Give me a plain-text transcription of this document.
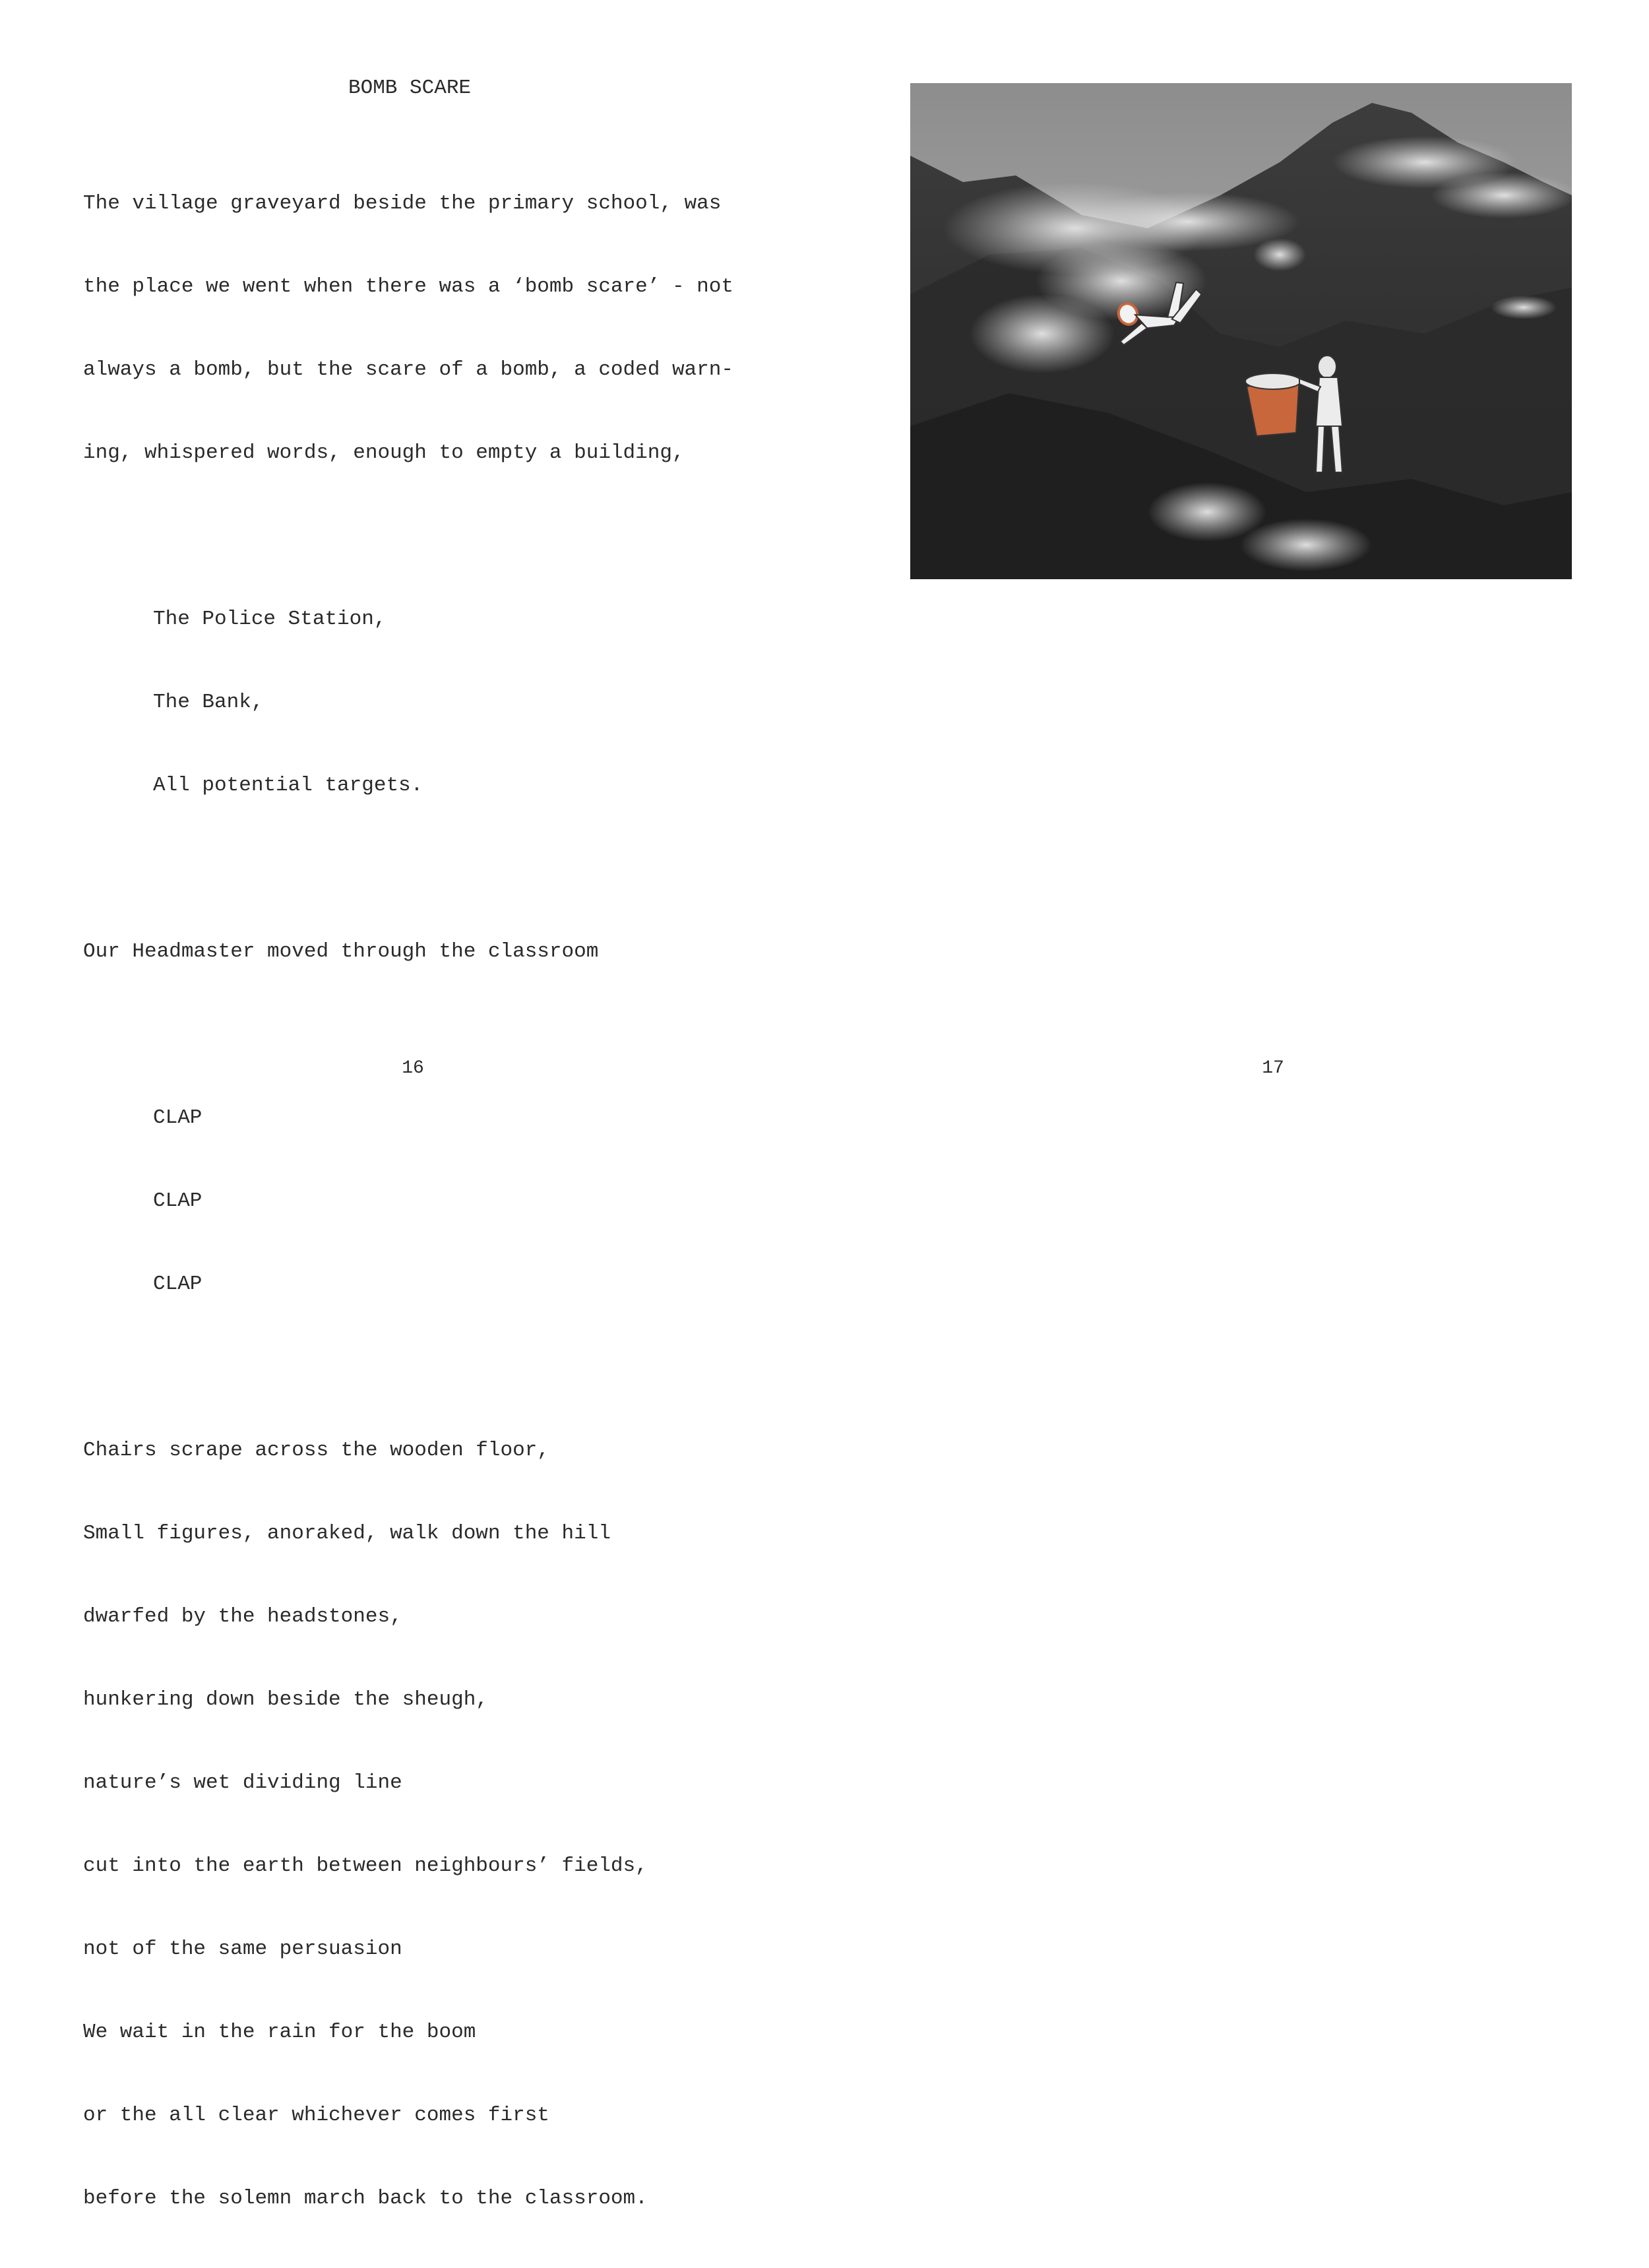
BOMB SCARE

The village graveyard beside the primary school, was

the place we went when there was a ‘bomb scare’ - not

always a bomb, but the scare of a bomb, a coded warn-

ing, whispered words, enough to empty a building,

The Police Station,

The Bank,

All potential targets.

Our Headmaster moved through the classroom

CLAP

CLAP

CLAP

Chairs scrape across the wooden floor,

Small figures, anoraked, walk down the hill

dwarfed by the headstones,

hunkering down beside the sheugh,

nature’s wet dividing line

cut into the earth between neighbours’ fields,

not of the same persuasion

We wait in the rain for the boom

or the all clear whichever comes first

before the solemn march back to the classroom.

16	17
